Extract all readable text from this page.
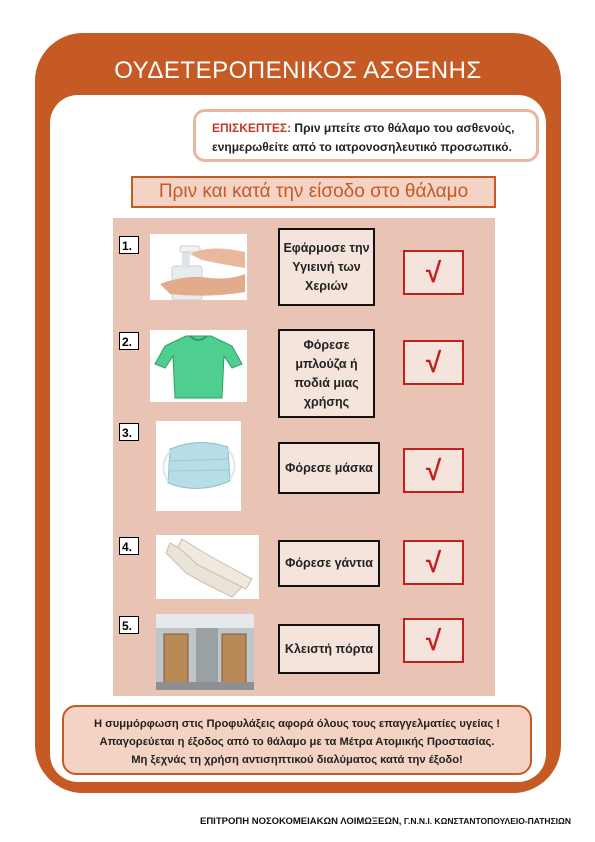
ΟΥΔΕΤΕΡΟΠΕΝΙΚΟΣ ΑΣΘΕΝΗΣ
ΕΠΙΣΚΕΠΤΕΣ: Πριν μπείτε στο θάλαμο του ασθενούς,
ενημερωθείτε από το ιατρονοσηλευτικό προσωπικό.
Πριν και κατά την είσοδο στο θάλαμο
1.	Εφάρμοσε την
Υγιεινή των
Χεριών	√
2.	Φόρεσε
μπλούζα ή
ποδιά μιας
χρήσης
√
3.
Φόρεσε μάσκα	√
4.
Φόρεσε γάντια	√
5.
Κλειστή πόρτα	√
Η συμμόρφωση στις Προφυλάξεις αφορά όλους τους επαγγελματίες υγείας !
Απαγορεύεται η έξοδος από το θάλαμο με τα Μέτρα Ατομικής Προστασίας.
Μη ξεχνάς τη χρήση αντισηπτικού διαλύματος κατά την έξοδο!
ΕΠΙΤΡΟΠΗ ΝΟΣΟΚΟΜΕΙΑΚΩΝ ΛΟΙΜΩΞΕΩΝ, Γ.Ν.Ν.Ι. ΚΩΝΣΤΑΝΤΟΠΟΥΛΕΙΟ-ΠΑΤΗΣΙΩΝ
